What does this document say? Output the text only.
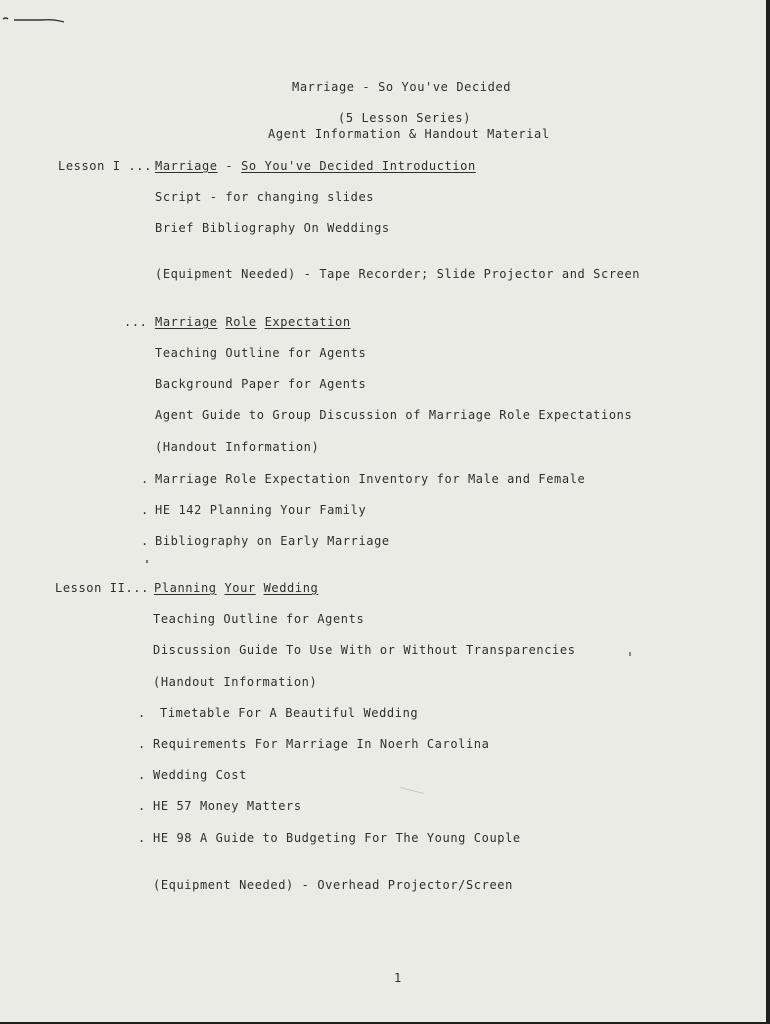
Marriage - So You've Decided
(5 Lesson Series)
Agent Information & Handout Material
Lesson I ... Marriage - So You've Decided Introduction
Script - for changing slides
Brief Bibliography On Weddings
(Equipment Needed) - Tape Recorder; Slide Projector and Screen
... Marriage Role Expectation
Teaching Outline for Agents
Background Paper for Agents
Agent Guide to Group Discussion of Marriage Role Expectations
(Handout Information)
. Marriage Role Expectation Inventory for Male and Female
. HE 142 Planning Your Family
. Bibliography on Early Marriage
Lesson II... Planning Your Wedding
Teaching Outline for Agents
Discussion Guide To Use With or Without Transparencies
(Handout Information)
. Timetable For A Beautiful Wedding
. Requirements For Marriage In Noerh Carolina
. Wedding Cost
. HE 57 Money Matters
. HE 98 A Guide to Budgeting For The Young Couple
(Equipment Needed) - Overhead Projector/Screen
1
